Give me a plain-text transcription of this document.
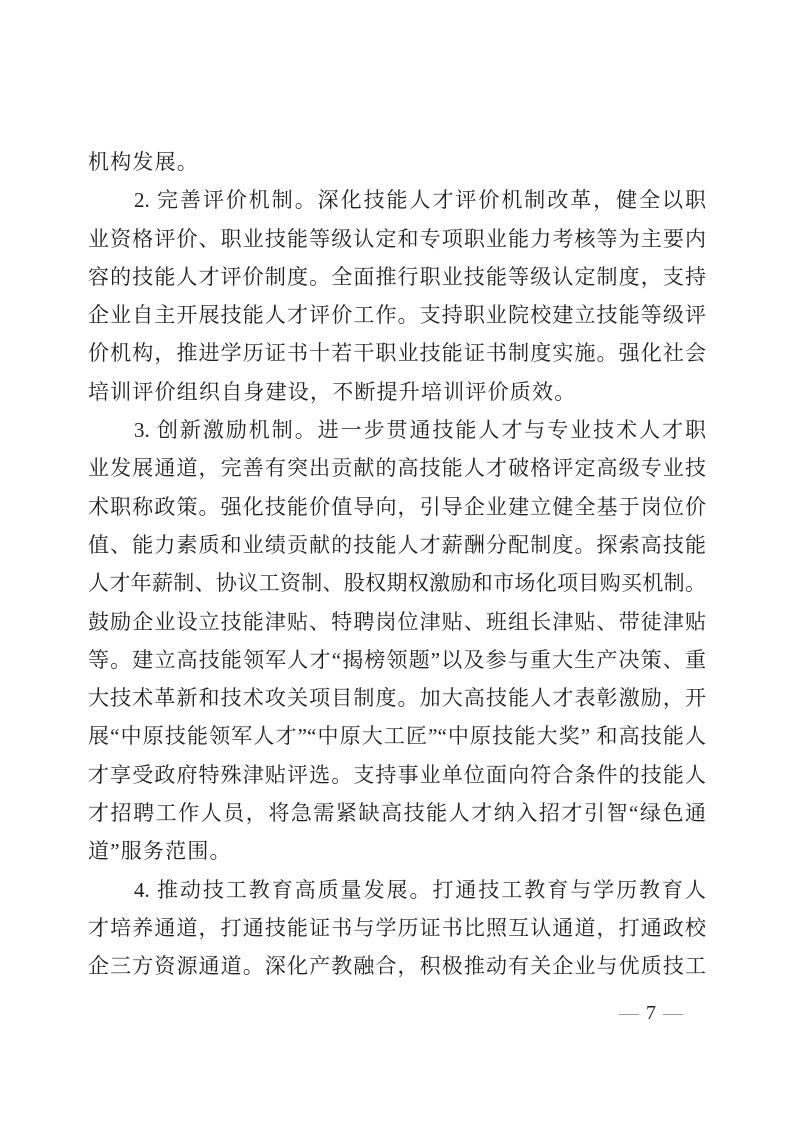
机构发展。
2. 完善评价机制。深化技能人才评价机制改革，健全以职
业资格评价、职业技能等级认定和专项职业能力考核等为主要内
容的技能人才评价制度。全面推行职业技能等级认定制度，支持
企业自主开展技能人才评价工作。支持职业院校建立技能等级评
价机构，推进学历证书十若干职业技能证书制度实施。强化社会
培训评价组织自身建设，不断提升培训评价质效。
3. 创新激励机制。进一步贯通技能人才与专业技术人才职
业发展通道，完善有突出贡献的高技能人才破格评定高级专业技
术职称政策。强化技能价值导向，引导企业建立健全基于岗位价
值、能力素质和业绩贡献的技能人才薪酬分配制度。探索高技能
人才年薪制、协议工资制、股权期权激励和市场化项目购买机制。
鼓励企业设立技能津贴、特聘岗位津贴、班组长津贴、带徒津贴
等。建立高技能领军人才“揭榜领题”以及参与重大生产决策、重
大技术革新和技术攻关项目制度。加大高技能人才表彰激励，开
展“中原技能领军人才”“中原大工匠”“中原技能大奖” 和高技能人
才享受政府特殊津贴评选。支持事业单位面向符合条件的技能人
才招聘工作人员，将急需紧缺高技能人才纳入招才引智“绿色通
道”服务范围。
4. 推动技工教育高质量发展。打通技工教育与学历教育人
才培养通道，打通技能证书与学历证书比照互认通道，打通政校
企三方资源通道。深化产教融合，积极推动有关企业与优质技工
— 7 —
